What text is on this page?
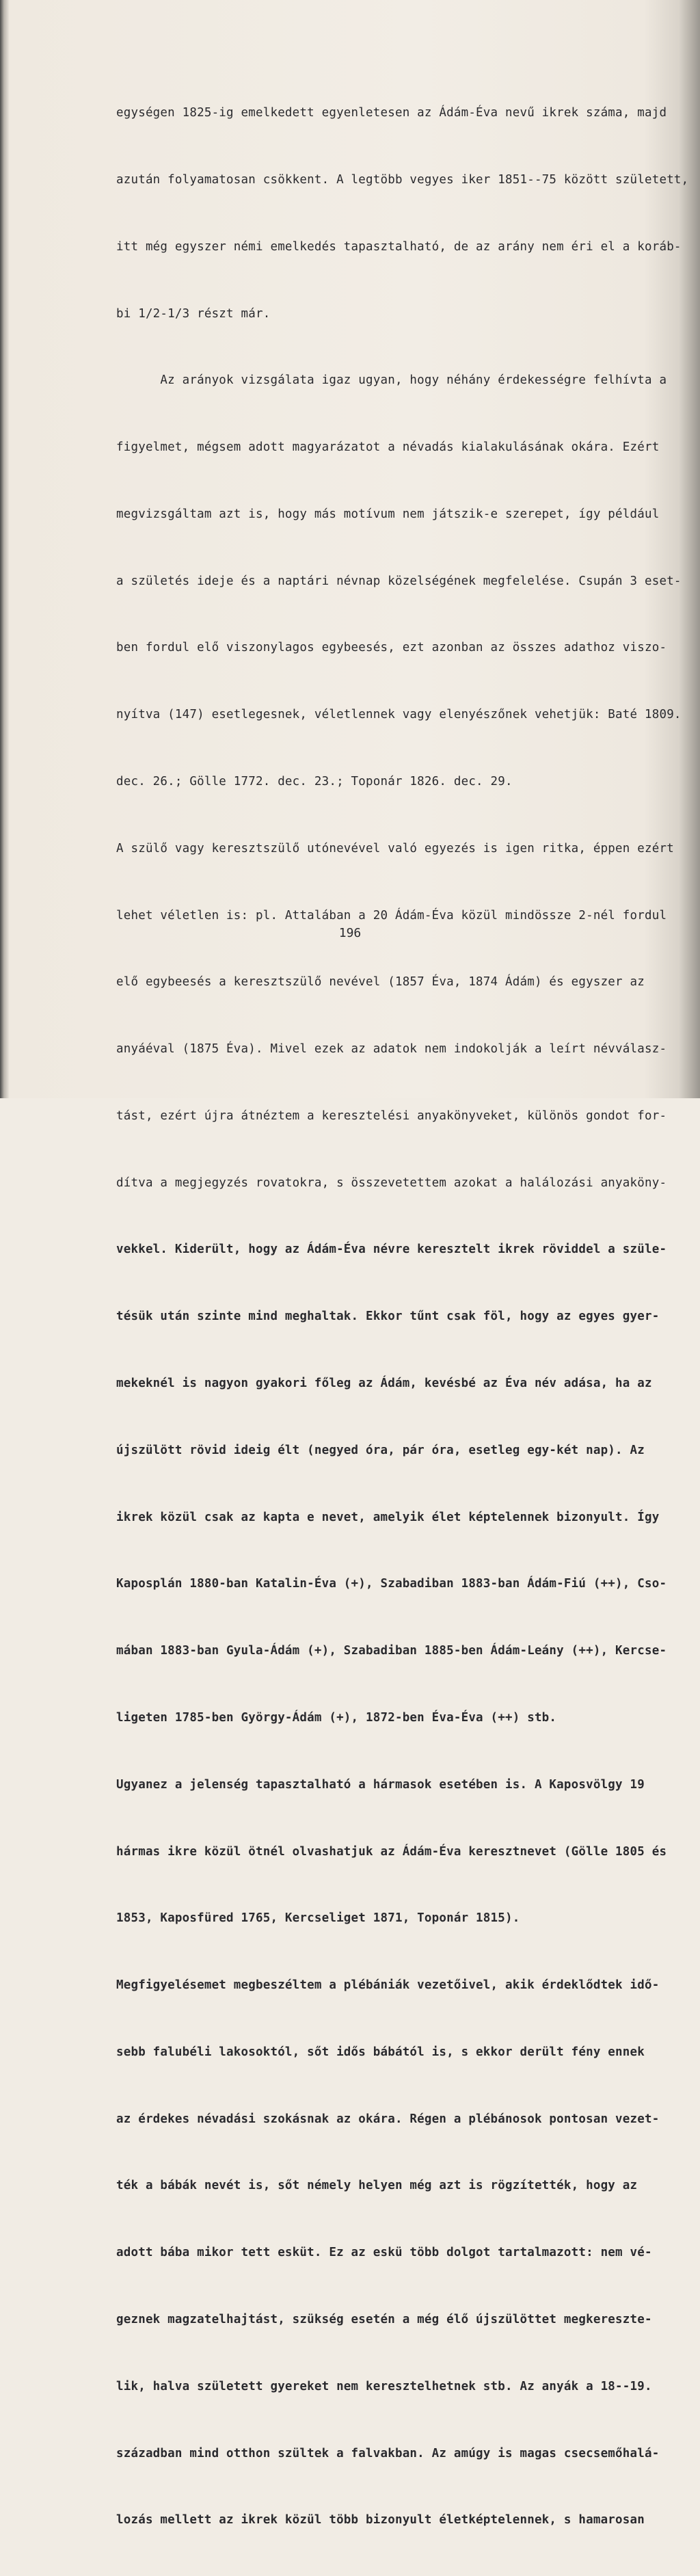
egységen 1825-ig emelkedett egyenletesen az Ádám-Éva nevű ikrek száma, majd

azután folyamatosan csökkent. A legtöbb vegyes iker 1851--75 között született,

itt még egyszer némi emelkedés tapasztalható, de az arány nem éri el a koráb-

bi 1/2-1/3 részt már.

Az arányok vizsgálata igaz ugyan, hogy néhány érdekességre felhívta a

figyelmet, mégsem adott magyarázatot a névadás kialakulásának okára. Ezért

megvizsgáltam azt is, hogy más motívum nem játszik-e szerepet, így például

a születés ideje és a naptári névnap közelségének megfelelése. Csupán 3 eset-

ben fordul elő viszonylagos egybeesés, ezt azonban az összes adathoz viszo-

nyítva (147) esetlegesnek, véletlennek vagy elenyészőnek vehetjük: Baté 1809.

dec. 26.; Gölle 1772. dec. 23.; Toponár 1826. dec. 29.

A szülő vagy keresztszülő utónevével való egyezés is igen ritka, éppen ezért

lehet véletlen is: pl. Attalában a 20 Ádám-Éva közül mindössze 2-nél fordul

elő egybeesés a keresztszülő nevével (1857 Éva, 1874 Ádám) és egyszer az

anyáéval (1875 Éva). Mivel ezek az adatok nem indokolják a leírt névválasz-

tást, ezért újra átnéztem a keresztelési anyakönyveket, különös gondot for-

dítva a megjegyzés rovatokra, s összevetettem azokat a halálozási anyaköny-

vekkel. Kiderült, hogy az Ádám-Éva névre keresztelt ikrek röviddel a szüle-

tésük után szinte mind meghaltak. Ekkor tűnt csak föl, hogy az egyes gyer-

mekeknél is nagyon gyakori főleg az Ádám, kevésbé az Éva név adása, ha az

újszülött rövid ideig élt (negyed óra, pár óra, esetleg egy-két nap). Az

ikrek közül csak az kapta e nevet, amelyik élet képtelennek bizonyult. Így

Kaposplán 1880-ban Katalin-Éva (+), Szabadiban 1883-ban Ádám-Fiú (++), Cso-

mában 1883-ban Gyula-Ádám (+), Szabadiban 1885-ben Ádám-Leány (++), Kercse-

ligeten 1785-ben György-Ádám (+), 1872-ben Éva-Éva (++) stb.

Ugyanez a jelenség tapasztalható a hármasok esetében is. A Kaposvölgy 19

hármas ikre közül ötnél olvashatjuk az Ádám-Éva keresztnevet (Gölle 1805 és

1853, Kaposfüred 1765, Kercseliget 1871, Toponár 1815).

Megfigyelésemet megbeszéltem a plébániák vezetőivel, akik érdeklődtek idő-

sebb falubéli lakosoktól, sőt idős bábától is, s ekkor derült fény ennek

az érdekes névadási szokásnak az okára. Régen a plébánosok pontosan vezet-

ték a bábák nevét is, sőt némely helyen még azt is rögzítették, hogy az

adott bába mikor tett esküt. Ez az eskü több dolgot tartalmazott: nem vé-

geznek magzatelhajtást, szükség esetén a még élő újszülöttet megkereszte-

lik, halva született gyereket nem keresztelhetnek stb. Az anyák a 18--19.

században mind otthon szültek a falvakban. Az amúgy is magas csecsemőhalá-

lozás mellett az ikrek közül több bizonyult életképtelennek, s hamarosan

196
